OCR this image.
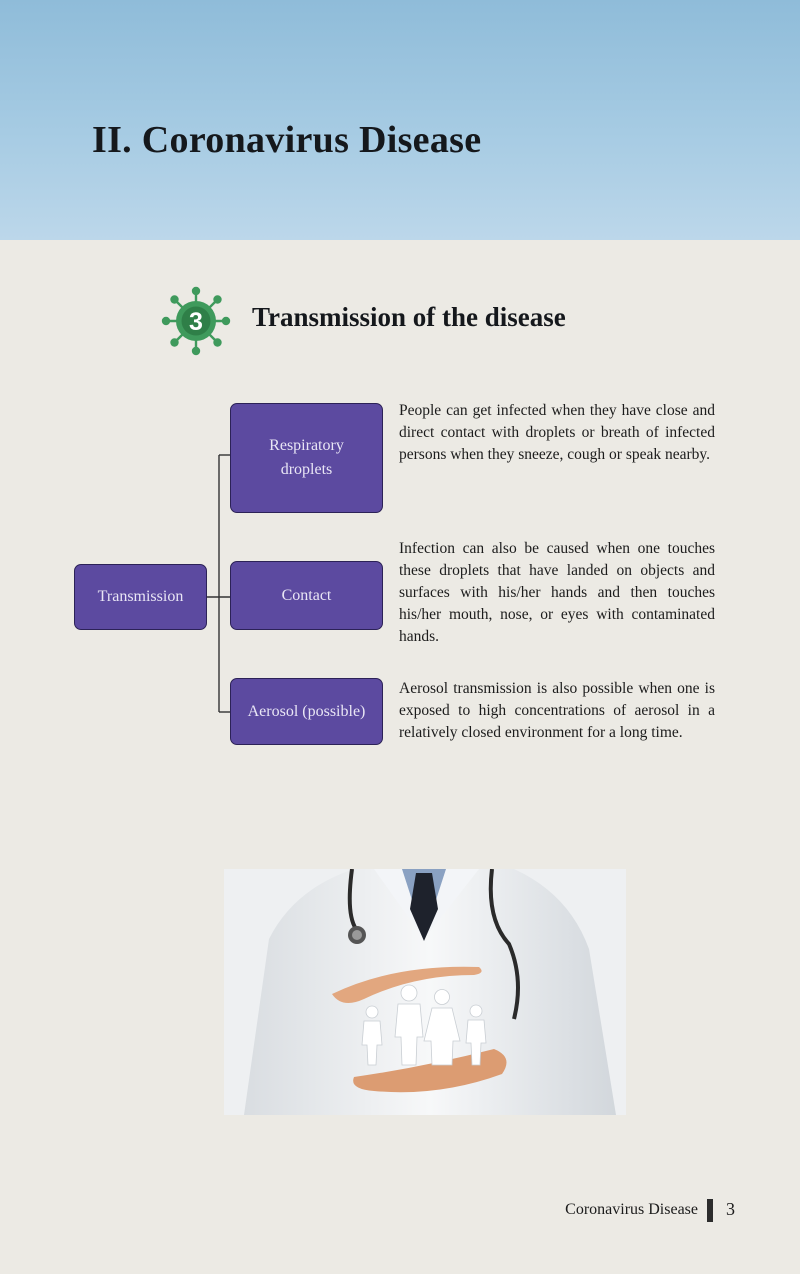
II. Coronavirus Disease
3 Transmission of the disease
Transmission
Respiratory
droplets
Contact
Aerosol (possible)

People can get infected when they have close and direct contact with droplets or breath of infected persons when they sneeze, cough or speak nearby.

Infection can also be caused when one touches these droplets that have landed on objects and surfaces with his/her hands and then touches his/her mouth, nose, or eyes with contaminated hands.

Aerosol transmission is also possible when one is exposed to high concentrations of aerosol in a relatively closed environment for a long time.

Coronavirus Disease 3
